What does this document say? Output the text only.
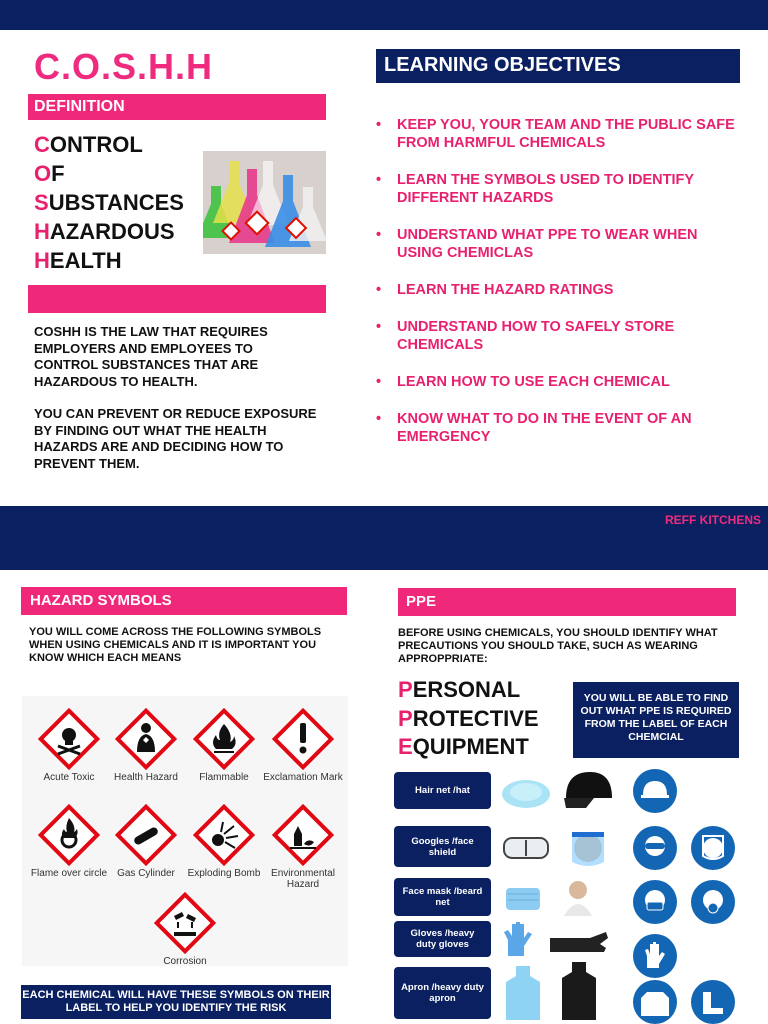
C.O.S.H.H
DEFINITION
CONTROL
OF
SUBSTANCES
HAZARDOUS
HEALTH

COSHH IS THE LAW THAT REQUIRES EMPLOYERS AND EMPLOYEES TO CONTROL SUBSTANCES THAT ARE HAZARDOUS TO HEALTH.

YOU CAN PREVENT OR REDUCE EXPOSURE BY FINDING OUT WHAT THE HEALTH HAZARDS ARE AND DECIDING HOW TO PREVENT THEM.

LEARNING OBJECTIVES
•	KEEP YOU, YOUR TEAM AND THE PUBLIC SAFE FROM HARMFUL CHEMICALS
•	LEARN THE SYMBOLS USED TO IDENTIFY DIFFERENT HAZARDS
•	UNDERSTAND WHAT PPE TO WEAR WHEN USING CHEMICLAS
•	LEARN THE HAZARD RATINGS
•	UNDERSTAND HOW TO SAFELY STORE CHEMICALS
•	LEARN HOW TO USE EACH CHEMICAL
•	KNOW WHAT TO DO IN THE EVENT OF AN EMERGENCY
REFF KITCHENS
HAZARD SYMBOLS
YOU WILL COME ACROSS THE FOLLOWING SYMBOLS WHEN USING CHEMICALS AND IT IS IMPORTANT YOU KNOW WHICH EACH MEANS
Acute Toxic	Health Hazard	Flammable	Exclamation Mark
Flame over circle	Gas Cylinder	Exploding Bomb	Environmental Hazard
Corrosion
EACH CHEMICAL WILL HAVE THESE SYMBOLS ON THEIR LABEL TO HELP YOU IDENTIFY THE RISK
PPE
BEFORE USING CHEMICALS, YOU SHOULD IDENTIFY WHAT PRECAUTIONS YOU SHOULD TAKE, SUCH AS WEARING APPROPPRIATE:
PERSONAL
PROTECTIVE
EQUIPMENT
YOU WILL BE ABLE TO FIND OUT WHAT PPE IS REQUIRED FROM THE LABEL OF EACH CHEMCIAL
Hair net /hat
Googles /face shield
Face mask /beard net
Gloves /heavy duty gloves
Apron /heavy duty apron
